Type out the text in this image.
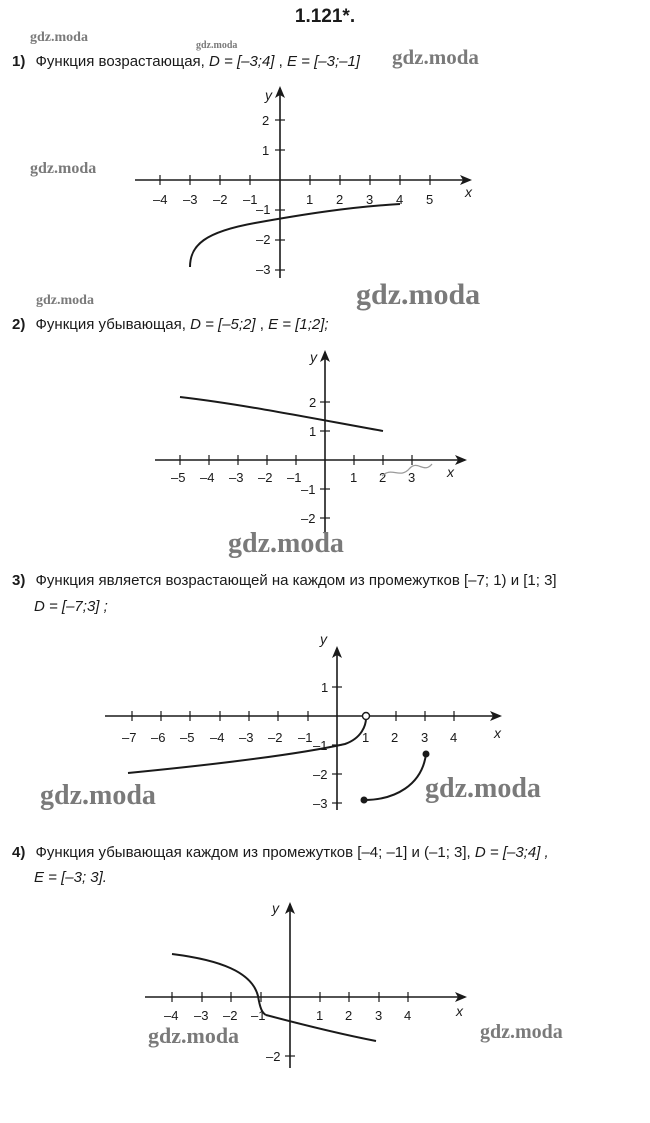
1.121*.
1) Функция возрастающая, D = [–3;4] , E = [–3;–1]
–4 –3 –2 –1	1 2 3 4 5
2
1
–1
–2
–3
x
y
–5 –4 –3 –2 –1	1 2 3
2
1
–1
–2
x
y
–7 –6 –5 –4 –3 –2 –1	1 2 3 4
1
–1
–2
–3
x
y
–4 –3 –2 –1	1 2 3 4
–2
x
y
2) Функция убывающая, D = [–5;2] , E = [1;2];
3) Функция является возрастающей на каждом из промежутков [–7; 1) и [1; 3]
D = [–7;3] ;
4) Функция убывающая каждом из промежутков [–4; –1] и (–1; 3], D = [–3;4] ,
E = [–3; 3].
gdz.moda
gdz.moda	gdz.moda
gdz.moda
gdz.moda	gdz.moda
gdz.moda
gdz.moda	gdz.moda
gdz.moda	gdz.moda
